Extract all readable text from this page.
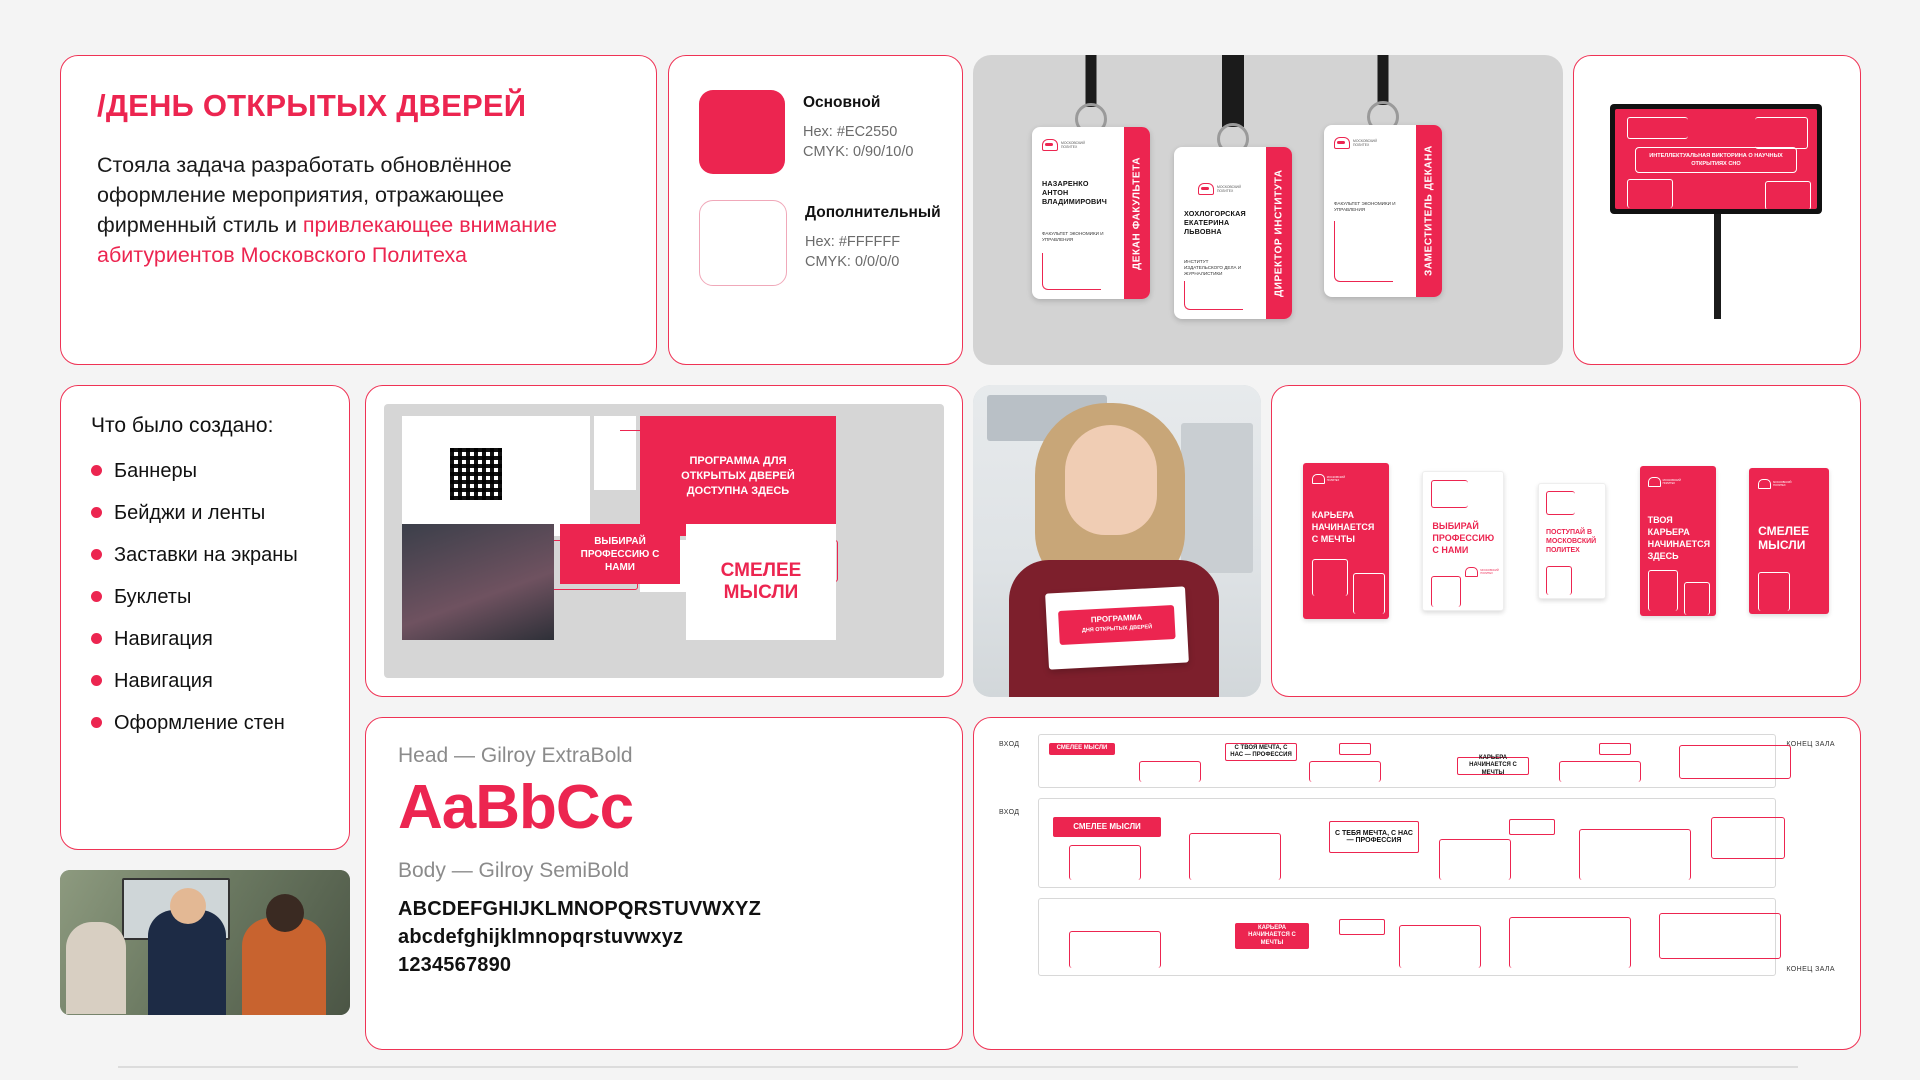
/ДЕНЬ ОТКРЫТЫХ ДВЕРЕЙ
Стояла задача разработать обновлённое оформление мероприятия, отражающее фирменный стиль и привлекающее внимание абитуриентов Московского Политеха
Основной
Hex: #EC2550
CMYK: 0/90/10/0
Дополнительный
Hex: #FFFFFF
CMYK: 0/0/0/0
МОСКОВСКИЙ
ПОЛИТЕХ
НАЗАРЕНКО АНТОН ВЛАДИМИРОВИЧ
ФАКУЛЬТЕТ ЭКОНОМИКИ И УПРАВЛЕНИЯ	ДЕКАН ФАКУЛЬТЕТА	МОСКОВСКИЙ
ПОЛИТЕХ
ХОХЛОГОРСКАЯ ЕКАТЕРИНА ЛЬВОВНА
ИНСТИТУТ ИЗДАТЕЛЬСКОГО ДЕЛА И ЖУРНАЛИСТИКИ	ДИРЕКТОР ИНСТИТУТА
МОСКОВСКИЙ
ПОЛИТЕХ
ФАКУЛЬТЕТ ЭКОНОМИКИ И УПРАВЛЕНИЯ	ЗАМЕСТИТЕЛЬ ДЕКАНА	ИНТЕЛЛЕКТУАЛЬНАЯ ВИКТОРИНА О НАУЧНЫХ ОТКРЫТИЯХ СНО
Что было создано:
Баннеры
Бейджи и ленты
Заставки на экраны
Буклеты
Навигация
Навигация
Оформление стен
ПРОГРАММА ДЛЯ ОТКРЫТЫХ ДВЕРЕЙ ДОСТУПНА ЗДЕСЬ
ВЫБИРАЙ ПРОФЕССИЮ С НАМИ	СМЕЛЕЕ МЫСЛИ
ПРОГРАММА
ДНЯ ОТКРЫТЫХ ДВЕРЕЙ
МОСКОВСКИЙ
ПОЛИТЕХ
КАРЬЕРА НАЧИНАЕТСЯ С МЕЧТЫ
ВЫБИРАЙ ПРОФЕССИЮ С НАМИ
МОСКОВСКИЙ
ПОЛИТЕХ
ПОСТУПАЙ В МОСКОВСКИЙ ПОЛИТЕХ
МОСКОВСКИЙ
ПОЛИТЕХ
ТВОЯ КАРЬЕРА НАЧИНАЕТСЯ ЗДЕСЬ
МОСКОВСКИЙ
ПОЛИТЕХ
СМЕЛЕЕ МЫСЛИ
Head — Gilroy ExtraBold
AaBbCc
Body — Gilroy SemiBold
ABCDEFGHIJKLMNOPQRSTUVWXYZ
abcdefghijklmnopqrstuvwxyz
1234567890
ВХОД	КОНЕЦ ЗАЛА
СМЕЛЕЕ МЫСЛИ	С ТВОЯ МЕЧТА, С НАС — ПРОФЕССИЯ	КАРЬЕРА НАЧИНАЕТСЯ С МЕЧТЫ
ВХОД
СМЕЛЕЕ МЫСЛИ
С ТЕБЯ МЕЧТА, С НАС — ПРОФЕССИЯ
КОНЕЦ ЗАЛА
КАРЬЕРА НАЧИНАЕТСЯ С МЕЧТЫ
